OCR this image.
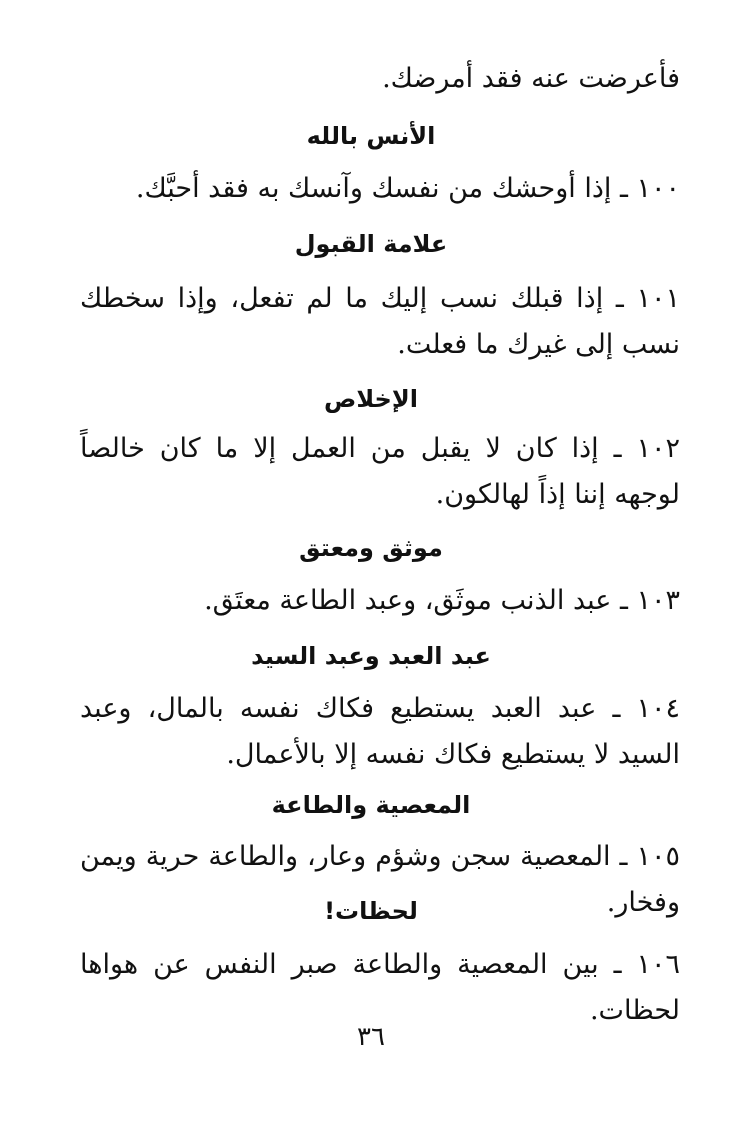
فأعرضت عنه فقد أمرضك.
الأنس بالله
١٠٠ ـ إذا أوحشك من نفسك وآنسك به فقد أحبَّك.
علامة القبول
١٠١ ـ إذا قبلك نسب إليك ما لم تفعل، وإذا سخطك نسب إلى غيرك ما فعلت.
الإخلاص
١٠٢ ـ إذا كان لا يقبل من العمل إلا ما كان خالصاً لوجهه إننا إذاً لهالكون.
موثق ومعتق
١٠٣ ـ عبد الذنب موثَق، وعبد الطاعة معتَق.
عبد العبد وعبد السيد
١٠٤ ـ عبد العبد يستطيع فكاك نفسه بالمال، وعبد السيد لا يستطيع فكاك نفسه إلا بالأعمال.
المعصية والطاعة
١٠٥ ـ المعصية سجن وشؤم وعار، والطاعة حرية ويمن وفخار.
لحظات!
١٠٦ ـ بين المعصية والطاعة صبر النفس عن هواها لحظات.
٣٦
